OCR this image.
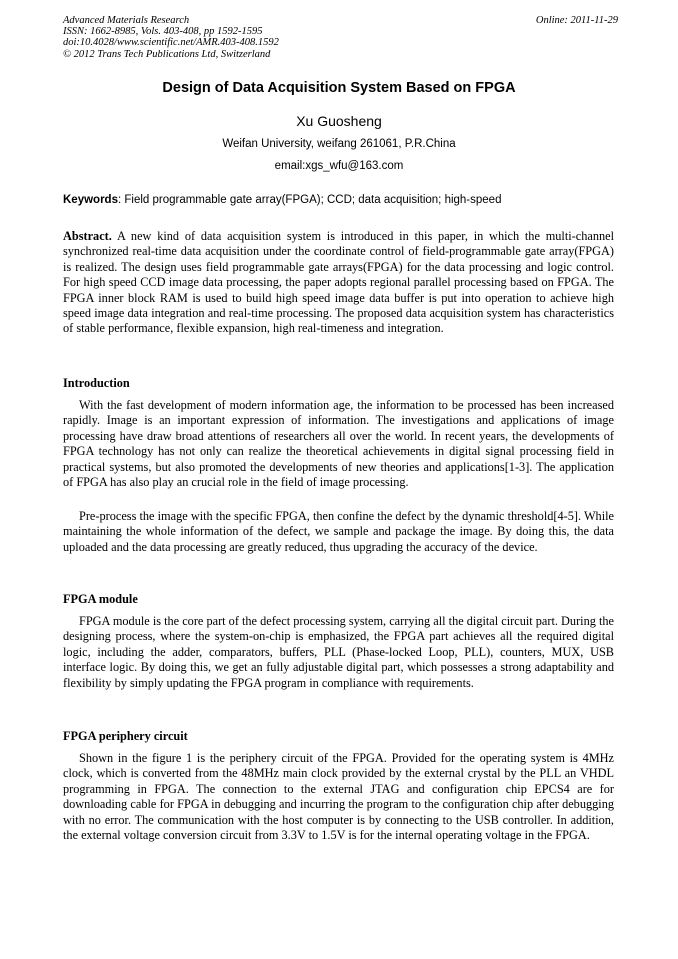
Advanced Materials Research
ISSN: 1662-8985, Vols. 403-408, pp 1592-1595
doi:10.4028/www.scientific.net/AMR.403-408.1592
© 2012 Trans Tech Publications Ltd, Switzerland
Online: 2011-11-29
Design of Data Acquisition System Based on FPGA
Xu Guosheng
Weifan University, weifang 261061, P.R.China
email:xgs_wfu@163.com
Keywords: Field programmable gate array(FPGA); CCD; data acquisition; high-speed
Abstract. A new kind of data acquisition system is introduced in this paper, in which the multi-channel synchronized real-time data acquisition under the coordinate control of field-programmable gate array(FPGA) is realized. The design uses field programmable gate arrays(FPGA) for the data processing and logic control. For high speed CCD image data processing, the paper adopts regional parallel processing based on FPGA. The FPGA inner block RAM is used to build high speed image data buffer is put into operation to achieve high speed image data integration and real-time processing. The proposed data acquisition system has characteristics of stable performance, flexible expansion, high real-timeness and integration.
Introduction
With the fast development of modern information age, the information to be processed has been increased rapidly. Image is an important expression of information. The investigations and applications of image processing have draw broad attentions of researchers all over the world. In recent years, the developments of FPGA technology has not only can realize the theoretical achievements in digital signal processing field in practical systems, but also promoted the developments of new theories and applications[1-3]. The application of FPGA has also play an crucial role in the field of image processing.
Pre-process the image with the specific FPGA, then confine the defect by the dynamic threshold[4-5]. While maintaining the whole information of the defect, we sample and package the image. By doing this, the data uploaded and the data processing are greatly reduced, thus upgrading the accuracy of the device.
FPGA module
FPGA module is the core part of the defect processing system, carrying all the digital circuit part. During the designing process, where the system-on-chip is emphasized, the FPGA part achieves all the required digital logic, including the adder, comparators, buffers, PLL (Phase-locked Loop, PLL), counters, MUX, USB interface logic. By doing this, we get an fully adjustable digital part, which possesses a strong adaptability and flexibility by simply updating the FPGA program in compliance with requirements.
FPGA periphery circuit
Shown in the figure 1 is the periphery circuit of the FPGA. Provided for the operating system is 4MHz clock, which is converted from the 48MHz main clock provided by the external crystal by the PLL an VHDL programming in FPGA. The connection to the external JTAG and configuration chip EPCS4 are for downloading cable for FPGA in debugging and incurring the program to the configuration chip after debugging with no error. The communication with the host computer is by connecting to the USB controller. In addition, the external voltage conversion circuit from 3.3V to 1.5V is for the internal operating voltage in the FPGA.
